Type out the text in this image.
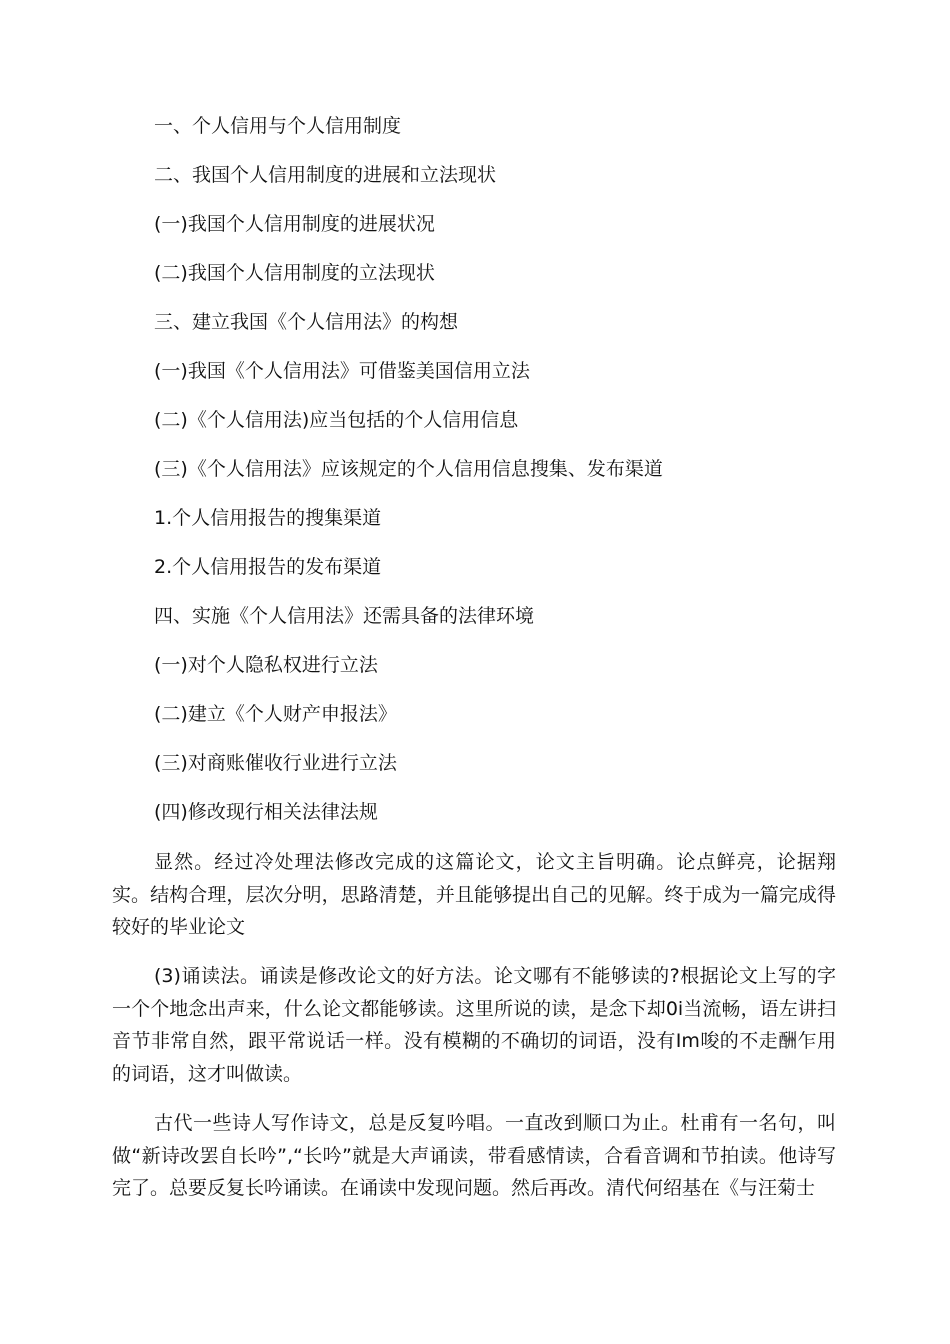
一、个人信用与个人信用制度
二、我国个人信用制度的进展和立法现状
(一)我国个人信用制度的进展状况
(二)我国个人信用制度的立法现状
三、建立我国《个人信用法》的构想
(一)我国《个人信用法》可借鉴美国信用立法
(二)《个人信用法)应当包括的个人信用信息
(三)《个人信用法》应该规定的个人信用信息搜集、发布渠道
1.个人信用报告的搜集渠道
2.个人信用报告的发布渠道
四、实施《个人信用法》还需具备的法律环境
(一)对个人隐私权进行立法
(二)建立《个人财产申报法》
(三)对商账催收行业进行立法
(四)修改现行相关法律法规

显然。经过冷处理法修改完成的这篇论文，论文主旨明确。论点鲜亮，论据翔实。结构合理，层次分明，思路清楚，并且能够提出自己的见解。终于成为一篇完成得较好的毕业论文

(3)诵读法。诵读是修改论文的好方法。论文哪有不能够读的?根据论文上写的字一个个地念出声来，什么论文都能够读。这里所说的读，是念下却0i当流畅，语左讲扫音节非常自然，跟平常说话一样。没有模糊的不确切的词语，没有Im唆的不走酬乍用的词语，这才叫做读。

古代一些诗人写作诗文，总是反复吟唱。一直改到顺口为止。杜甫有一名句，叫做“新诗改罢自长吟”,“长吟”就是大声诵读，带看感情读，合看音调和节拍读。他诗写完了。总要反复长吟诵读。在诵读中发现问题。然后再改。清代何绍基在《与汪菊士
